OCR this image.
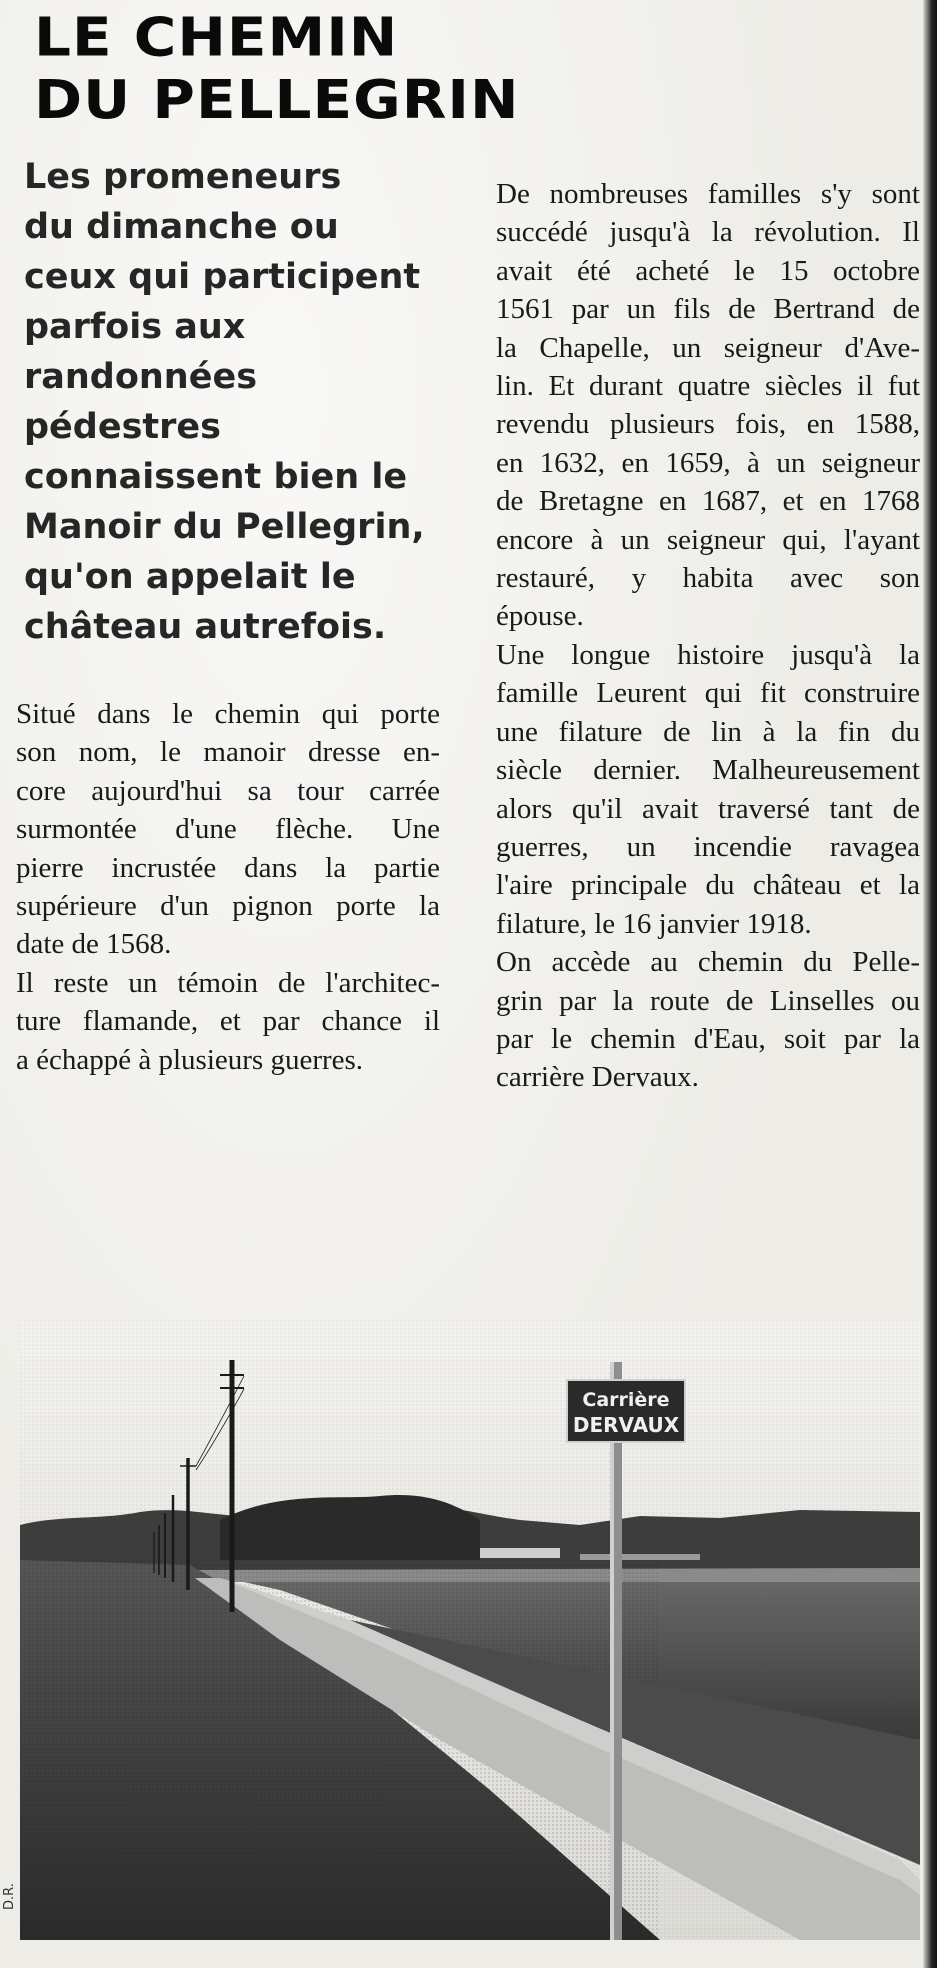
LE CHEMIN
DU PELLEGRIN
Les promeneurs
du dimanche ou
ceux qui participent
parfois aux
randonnées
pédestres
connaissent bien le
Manoir du Pellegrin,
qu'on appelait le
château autrefois.
Situé dans le chemin qui porte
son nom, le manoir dresse en-
core aujourd'hui sa tour carrée
surmontée d'une flèche. Une
pierre incrustée dans la partie
supérieure d'un pignon porte la
date de 1568.
Il reste un témoin de l'architec-
ture flamande, et par chance il
a échappé à plusieurs guerres.
De nombreuses familles s'y sont
succédé jusqu'à la révolution. Il
avait été acheté le 15 octobre
1561 par un fils de Bertrand de
la Chapelle, un seigneur d'Ave-
lin. Et durant quatre siècles il fut
revendu plusieurs fois, en 1588,
en 1632, en 1659, à un seigneur
de Bretagne en 1687, et en 1768
encore à un seigneur qui, l'ayant
restauré, y habita avec son
épouse.
Une longue histoire jusqu'à la
famille Leurent qui fit construire
une filature de lin à la fin du
siècle dernier. Malheureusement
alors qu'il avait traversé tant de
guerres, un incendie ravagea
l'aire principale du château et la
filature, le 16 janvier 1918.
On accède au chemin du Pelle-
grin par la route de Linselles ou
par le chemin d'Eau, soit par la
carrière Dervaux.
Carrière
DERVAUX
D.R.
